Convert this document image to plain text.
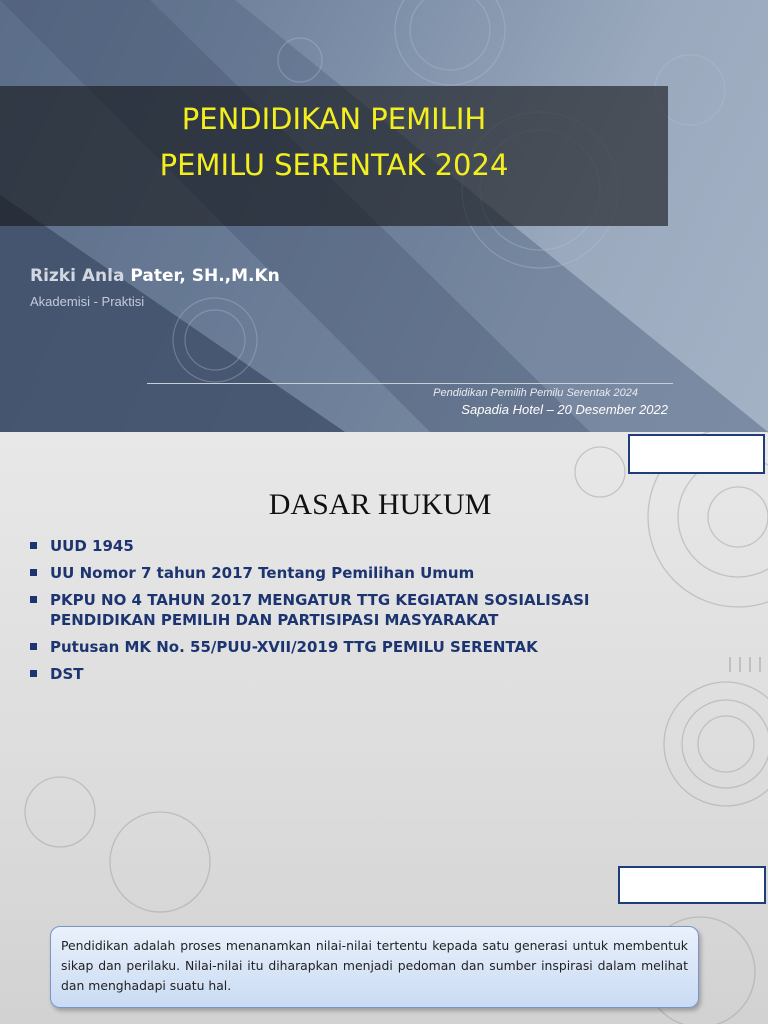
PENDIDIKAN PEMILIH
PEMILU SERENTAK 2024
Rizki Anla Pater, SH.,M.Kn
Akademisi - Praktisi
Pendidikan Pemilih Pemilu Serentak 2024
Sapadia Hotel – 20 Desember 2022
DASAR HUKUM
UUD 1945
UU Nomor 7 tahun 2017 Tentang Pemilihan Umum
PKPU NO 4 TAHUN 2017 MENGATUR TTG KEGIATAN SOSIALISASI PENDIDIKAN PEMILIH DAN PARTISIPASI MASYARAKAT
Putusan MK No. 55/PUU-XVII/2019 TTG PEMILU SERENTAK
DST
Pendidikan adalah proses menanamkan nilai-nilai tertentu kepada satu generasi untuk membentuk sikap dan perilaku. Nilai-nilai itu diharapkan menjadi pedoman dan sumber inspirasi dalam melihat dan menghadapi suatu hal.
